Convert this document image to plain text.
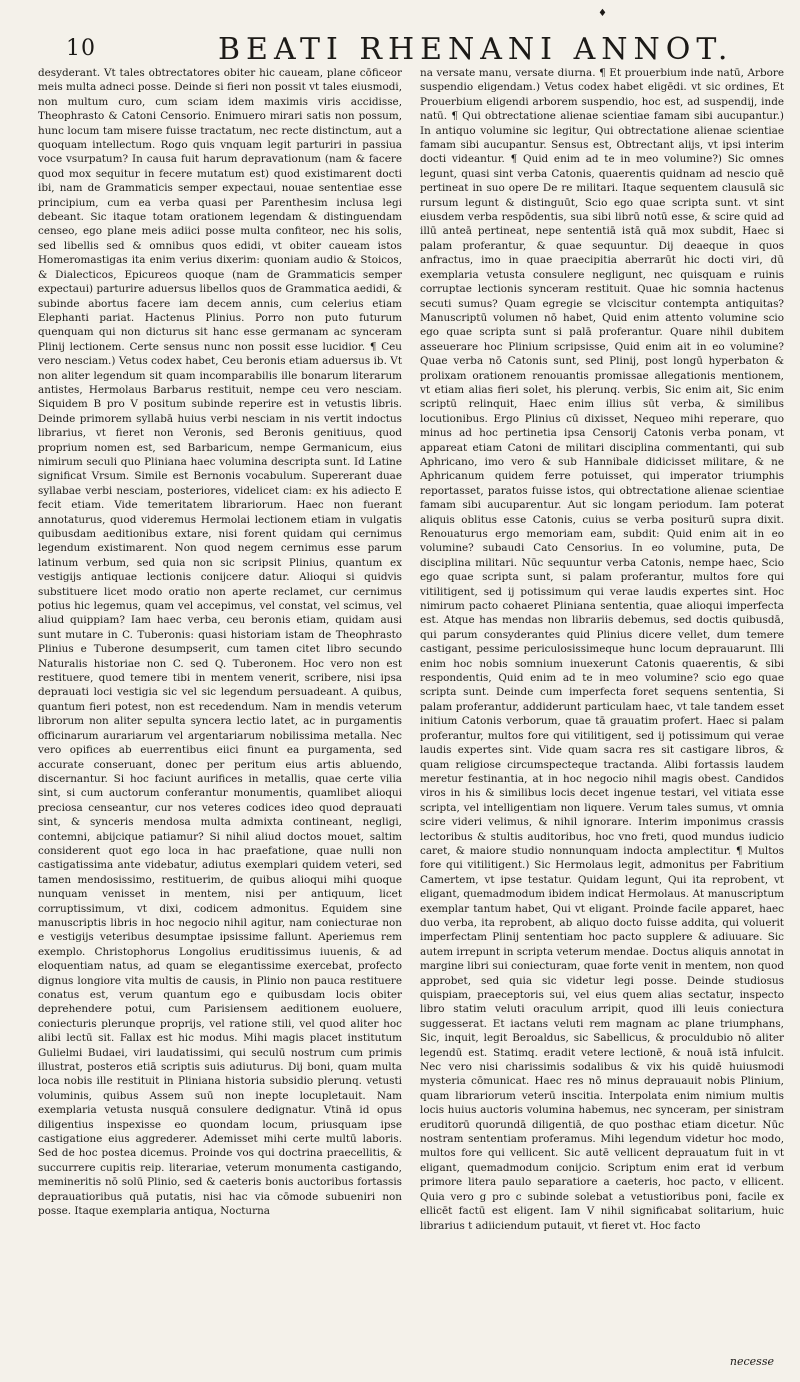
♦
10	BEATI RHENANI ANNOT.

desyderant. Vt tales obtrectatores obiter hic caueam, plane cōficeor meis multa adneci posse. Deinde si fieri non possit vt tales eiusmodi, non multum curo, cum sciam idem maximis viris accidisse, Theophrasto & Catoni Censorio. Enimuero mirari satis non possum, hunc locum tam misere fuisse tractatum, nec recte distinctum, aut a quoquam intellectum. Rogo quis vnquam legit parturiri in passiua voce vsurpatum? In causa fuit harum depravationum (nam & facere quod mox sequitur in fecere mutatum est) quod existimarent docti ibi, nam de Grammaticis semper expectaui, nouae sententiae esse principium, cum ea verba quasi per Parenthesim inclusa legi debeant. Sic itaque totam orationem legendam & distinguendam censeo, ego plane meis adiici posse multa confiteor, nec his solis, sed libellis sed & omnibus quos edidi, vt obiter caueam istos Homeromastigas ita enim verius dixerim: quoniam audio & Stoicos, & Dialecticos, Epicureos quoque (nam de Grammaticis semper expectaui) parturire aduersus libellos quos de Grammatica aedidi, & subinde abortus facere iam decem annis, cum celerius etiam Elephanti pariat. Hactenus Plinius. Porro non puto futurum quenquam qui non dicturus sit hanc esse germanam ac synceram Plinij lectionem. Certe sensus nunc non possit esse lucidior. ¶ Ceu vero nesciam.) Vetus codex habet, Ceu beronis etiam aduersus ib. Vt non aliter legendum sit quam incomparabilis ille bonarum literarum antistes, Hermolaus Barbarus restituit, nempe ceu vero nesciam. Siquidem B pro V positum subinde reperire est in vetustis libris. Deinde primorem syllabā huius verbi nesciam in nis vertit indoctus librarius, vt fieret non Veronis, sed Beronis genitiuus, quod proprium nomen est, sed Barbaricum, nempe Germanicum, eius nimirum seculi quo Pliniana haec volumina descripta sunt. Id Latine significat Vrsum. Simile est Bernonis vocabulum. Supererant duae syllabae verbi nesciam, posteriores, videlicet ciam: ex his adiecto E fecit etiam. Vide temeritatem librariorum. Haec non fuerant annotaturus, quod videremus Hermolai lectionem etiam in vulgatis quibusdam aeditionibus extare, nisi forent quidam qui cernimus legendum existimarent. Non quod negem cernimus esse parum latinum verbum, sed quia non sic scripsit Plinius, quantum ex vestigijs antiquae lectionis conijcere datur. Alioqui si quidvis substituere licet modo oratio non aperte reclamet, cur cernimus potius hic legemus, quam vel accepimus, vel constat, vel scimus, vel aliud quippiam? Iam haec verba, ceu beronis etiam, quidam ausi sunt mutare in C. Tuberonis: quasi historiam istam de Theophrasto Plinius e Tuberone desumpserit, cum tamen citet libro secundo Naturalis historiae non C. sed Q. Tuberonem. Hoc vero non est restituere, quod temere tibi in mentem venerit, scribere, nisi ipsa deprauati loci vestigia sic vel sic legendum persuadeant. A quibus, quantum fieri potest, non est recedendum. Nam in mendis veterum librorum non aliter sepulta syncera lectio latet, ac in purgamentis officinarum aurariarum vel argentariarum nobilissima metalla. Nec vero opifices ab euerrentibus eiici finunt ea purgamenta, sed accurate conseruant, donec per peritum eius artis abluendo, discernantur. Si hoc faciunt aurifices in metallis, quae certe vilia sint, si cum auctorum conferantur monumentis, quamlibet alioqui preciosa censeantur, cur nos veteres codices ideo quod deprauati sint, & synceris mendosa multa admixta contineant, negligi, contemni, abijcique patiamur? Si nihil aliud doctos mouet, saltim considerent quot ego loca in hac praefatione, quae nulli non castigatissima ante videbatur, adiutus exemplari quidem veteri, sed tamen mendosissimo, restituerim, de quibus alioqui mihi quoque nunquam venisset in mentem, nisi per antiquum, licet corruptissimum, vt dixi, codicem admonitus. Equidem sine manuscriptis libris in hoc negocio nihil agitur, nam coniecturae non e vestigijs veteribus desumptae ipsissime fallunt. Aperiemus rem exemplo. Christophorus Longolius eruditissimus iuuenis, & ad eloquentiam natus, ad quam se elegantissime exercebat, profecto dignus longiore vita multis de causis, in Plinio non pauca restituere conatus est, verum quantum ego e quibusdam locis obiter deprehendere potui, cum Parisiensem aeditionem euoluere, coniecturis plerunque proprijs, vel ratione stili, vel quod aliter hoc alibi lectū sit. Fallax est hic modus. Mihi magis placet institutum Gulielmi Budaei, viri laudatissimi, qui seculū nostrum cum primis illustrat, posteros etiā scriptis suis adiuturus. Dij boni, quam multa loca nobis ille restituit in Pliniana historia subsidio plerunq. vetusti voluminis, quibus Assem suū non inepte locupletauit. Nam exemplaria vetusta nusquā consulere dedignatur. Vtinā id opus diligentius inspexisse eo quondam locum, priusquam ipse castigatione eius aggrederer. Ademisset mihi certe multū laboris. Sed de hoc postea dicemus. Proinde vos qui doctrina praecellitis, & succurrere cupitis reip. literariae, veterum monumenta castigando, memineritis nō solū Plinio, sed & caeteris bonis auctoribus fortassis deprauatioribus quā putatis, nisi hac via cōmode subueniri non posse. Itaque exemplaria antiqua, Nocturna

na versate manu, versate diurna. ¶ Et prouerbium inde natū, Arbore suspendio eligendam.) Vetus codex habet eligēdi. vt sic ordines, Et Prouerbium eligendi arborem suspendio, hoc est, ad suspendij, inde natū. ¶ Qui obtrectatione alienae scientiae famam sibi aucupantur.) In antiquo volumine sic legitur, Qui obtrectatione alienae scientiae famam sibi aucupantur. Sensus est, Obtrectant alijs, vt ipsi interim docti videantur. ¶ Quid enim ad te in meo volumine?) Sic omnes legunt, quasi sint verba Catonis, quaerentis quidnam ad nescio quē pertineat in suo opere De re militari. Itaque sequentem clausulā sic rursum legunt & distinguūt, Scio ego quae scripta sunt. vt sint eiusdem verba respōdentis, sua sibi librū notū esse, & scire quid ad illū anteā pertineat, nepe sententiā istā quā mox subdit, Haec si palam proferantur, & quae sequuntur. Dij deaeque in quos anfractus, imo in quae praecipitia aberrarūt hic docti viri, dū exemplaria vetusta consulere negligunt, nec quisquam e ruinis corruptae lectionis synceram restituit. Quae hic somnia hactenus secuti sumus? Quam egregie se vlciscitur contempta antiquitas? Manuscriptū volumen nō habet, Quid enim attento volumine scio ego quae scripta sunt si palā proferantur. Quare nihil dubitem asseuerare hoc Plinium scripsisse, Quid enim ait in eo volumine? Quae verba nō Catonis sunt, sed Plinij, post longū hyperbaton & prolixam orationem renouantis promissae allegationis mentionem, vt etiam alias fieri solet, his plerunq. verbis, Sic enim ait, Sic enim scriptū relinquit, Haec enim illius sūt verba, & similibus locutionibus. Ergo Plinius cū dixisset, Nequeo mihi reperare, quo minus ad hoc pertinetia ipsa Censorij Catonis verba ponam, vt appareat etiam Catoni de militari disciplina commentanti, qui sub Aphricano, imo vero & sub Hannibale didicisset militare, & ne Aphricanum quidem ferre potuisset, qui imperator triumphis reportasset, paratos fuisse istos, qui obtrectatione alienae scientiae famam sibi aucuparentur. Aut sic longam periodum. Iam poterat aliquis oblitus esse Catonis, cuius se verba positurū supra dixit. Renouaturus ergo memoriam eam, subdit: Quid enim ait in eo volumine? subaudi Cato Censorius. In eo volumine, puta, De disciplina militari. Nūc sequuntur verba Catonis, nempe haec, Scio ego quae scripta sunt, si palam proferantur, multos fore qui vitilitigent, sed ij potissimum qui verae laudis expertes sint. Hoc nimirum pacto cohaeret Pliniana sententia, quae alioqui imperfecta est. Atque has mendas non librariis debemus, sed doctis quibusdā, qui parum consyderantes quid Plinius dicere vellet, dum temere castigant, pessime periculosissimeque hunc locum deprauarunt. Illi enim hoc nobis somnium inuexerunt Catonis quaerentis, & sibi respondentis, Quid enim ad te in meo volumine? scio ego quae scripta sunt. Deinde cum imperfecta foret sequens sententia, Si palam proferantur, addiderunt particulam haec, vt tale tandem esset initium Catonis verborum, quae tā grauatim profert. Haec si palam proferantur, multos fore qui vitilitigent, sed ij potissimum qui verae laudis expertes sint. Vide quam sacra res sit castigare libros, & quam religiose circumspecteque tractanda. Alibi fortassis laudem meretur festinantia, at in hoc negocio nihil magis obest. Candidos viros in his & similibus locis decet ingenue testari, vel vitiata esse scripta, vel intelligentiam non liquere. Verum tales sumus, vt omnia scire videri velimus, & nihil ignorare. Interim imponimus crassis lectoribus & stultis auditoribus, hoc vno freti, quod mundus iudicio caret, & maiore studio nonnunquam indocta amplectitur. ¶ Multos fore qui vitilitigent.) Sic Hermolaus legit, admonitus per Fabritium Camertem, vt ipse testatur. Quidam legunt, Qui ita reprobent, vt eligant, quemadmodum ibidem indicat Hermolaus. At manuscriptum exemplar tantum habet, Qui vt eligant. Proinde facile apparet, haec duo verba, ita reprobent, ab aliquo docto fuisse addita, qui voluerit imperfectam Plinij sententiam hoc pacto supplere & adiuuare. Sic autem irrepunt in scripta veterum mendae. Doctus aliquis annotat in margine libri sui coniecturam, quae forte venit in mentem, non quod approbet, sed quia sic videtur legi posse. Deinde studiosus quispiam, praeceptoris sui, vel eius quem alias sectatur, inspecto libro statim veluti oraculum arripit, quod illi leuis coniectura suggesserat. Et iactans veluti rem magnam ac plane triumphans, Sic, inquit, legit Beroaldus, sic Sabellicus, & proculdubio nō aliter legendū est. Statimq. eradit vetere lectionē, & nouā istā infulcit. Nec vero nisi charissimis sodalibus & vix his quidē huiusmodi mysteria cōmunicat. Haec res nō minus deprauauit nobis Plinium, quam librariorum veterū inscitia. Interpolata enim nimium multis locis huius auctoris volumina habemus, nec synceram, per sinistram eruditorū quorundā diligentiā, de quo posthac etiam dicetur. Nūc nostram sententiam proferamus. Mihi legendum videtur hoc modo, multos fore qui vellicent. Sic autē vellicent deprauatum fuit in vt eligant, quemadmodum conijcio. Scriptum enim erat id verbum primore litera paulo separatiore a caeteris, hoc pacto, v ellicent. Quia vero g pro c subinde solebat a vetustioribus poni, facile ex ellicēt factū est eligent. Iam V nihil significabat solitarium, huic librarius t adiiciendum putauit, vt fieret vt. Hoc facto

necesse
